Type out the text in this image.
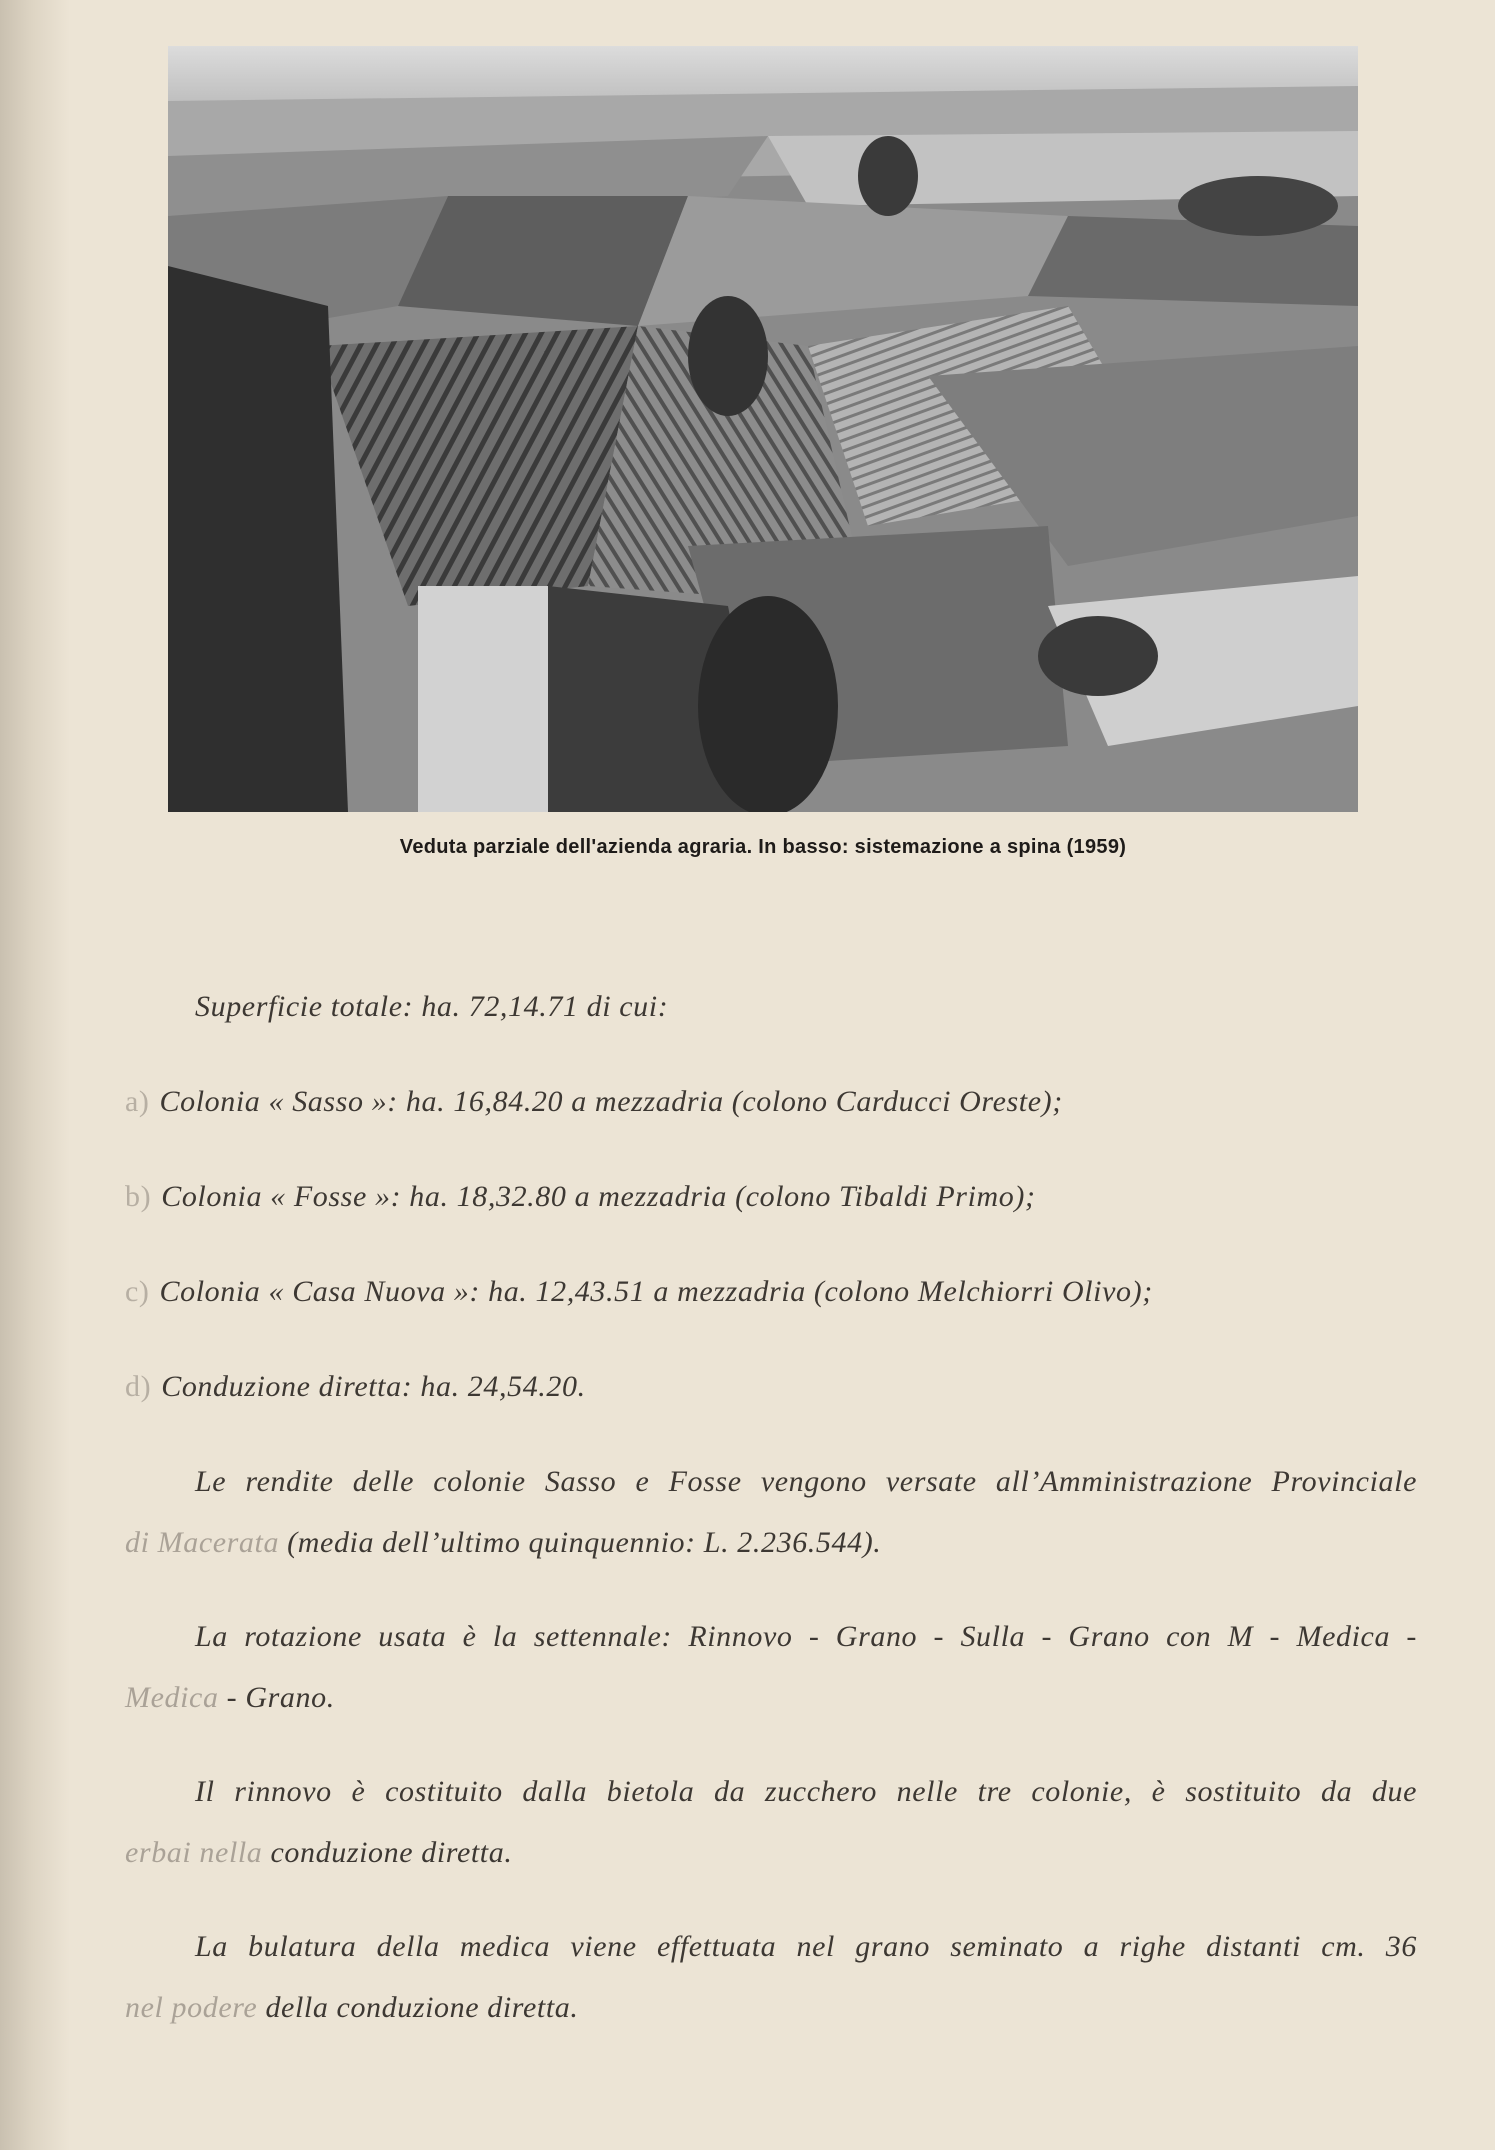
Veduta parziale dell'azienda agraria. In basso: sistemazione a spina (1959)
Superficie totale: ha. 72,14.71 di cui:
a) Colonia « Sasso »: ha. 16,84.20 a mezzadria (colono Carducci Oreste);
b) Colonia « Fosse »: ha. 18,32.80 a mezzadria (colono Tibaldi Primo);
c) Colonia « Casa Nuova »: ha. 12,43.51 a mezzadria (colono Melchiorri Olivo);
d) Conduzione diretta: ha. 24,54.20.
Le rendite delle colonie Sasso e Fosse vengono versate all’Amministrazione Provinciale
di Macerata (media dell’ultimo quinquennio: L. 2.236.544).
La rotazione usata è la settennale: Rinnovo - Grano - Sulla - Grano con M - Medica -
Medica - Grano.
Il rinnovo è costituito dalla bietola da zucchero nelle tre colonie, è sostituito da due
erbai nella conduzione diretta.
La bulatura della medica viene effettuata nel grano seminato a righe distanti cm. 36
nel podere della conduzione diretta.
